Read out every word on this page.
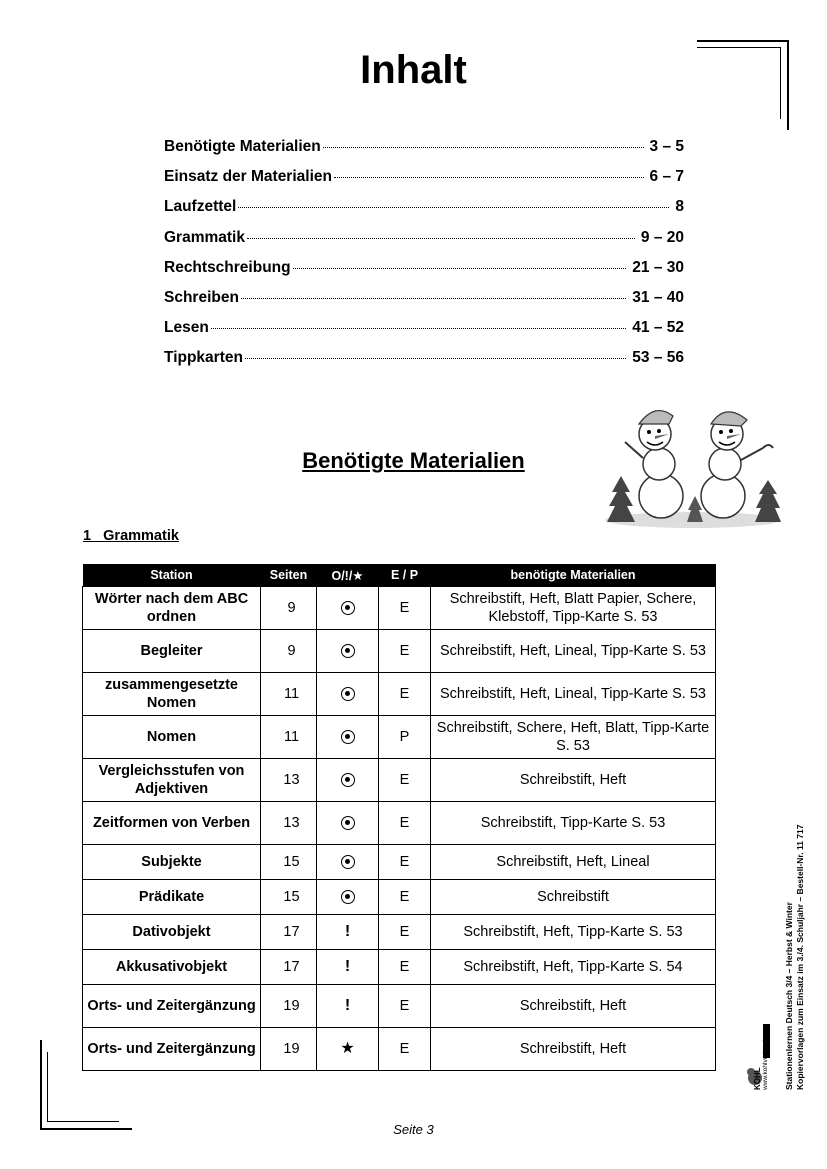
Inhalt
Benötigte Materialien	3 – 5
Einsatz der Materialien	6 – 7
Laufzettel	8
Grammatik	9 – 20
Rechtschreibung	21 – 30
Schreiben	31 – 40
Lesen	41 – 52
Tippkarten	53 – 56
Benötigte Materialien
1   Grammatik
Station	Seiten	O/!/★	E / P	benötigte Materialien
Wörter nach dem ABC ordnen	9		E	Schreibstift, Heft, Blatt Papier, Schere, Klebstoff, Tipp-Karte S. 53
Begleiter	9		E	Schreibstift, Heft, Lineal, Tipp-Karte S. 53
zusammengesetzte Nomen	11		E	Schreibstift, Heft, Lineal, Tipp-Karte S. 53
Nomen	11		P	Schreibstift, Schere, Heft, Blatt, Tipp-Karte S. 53
Vergleichsstufen von Adjektiven	13		E	Schreibstift, Heft
Zeitformen von Verben	13		E	Schreibstift, Tipp-Karte S. 53
Subjekte	15		E	Schreibstift, Heft, Lineal
Prädikate	15		E	Schreibstift
Dativobjekt	17	!	E	Schreibstift, Heft, Tipp-Karte S. 53
Akkusativobjekt	17	!	E	Schreibstift, Heft, Tipp-Karte S. 54
Orts- und Zeitergänzung	19	!	E	Schreibstift, Heft
Orts- und Zeitergänzung	19	★	E	Schreibstift, Heft
KOHL www.kohlverlag.de Stationenlernen Deutsch 3/4 – Herbst & Winter Kopiervorlagen zum Einsatz im 3./4. Schuljahr – Bestell-Nr. 11 717
Seite 3
